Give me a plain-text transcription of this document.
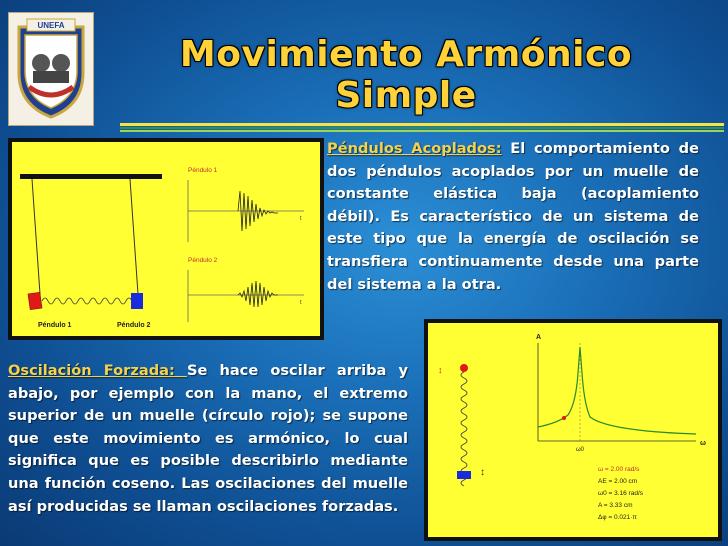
UNEFA
Movimiento Armónico Simple
Péndulo 1	Péndulo 2
Péndulo 1
t
Péndulo 2
t
Péndulos Acoplados: El comportamiento de dos péndulos acoplados por un muelle de constante elástica baja (acoplamiento débil). Es característico de un sistema de este tipo que la energía de oscilación se transfiera continuamente desde una parte del sistema a la otra.
Oscilación Forzada: Se hace oscilar arriba y abajo, por ejemplo con la mano, el extremo superior de un muelle (círculo rojo); se supone que este movimiento es armónico, lo cual significa que es posible describirlo mediante una función coseno. Las oscilaciones del muelle así producidas se llaman oscilaciones forzadas.
↕
↕
A
ω
ω0
ω = 2.00 rad/s
AE = 2.00 cm
ω0 = 3.16 rad/s
A = 3.33 cm
Δφ = 0.021·π
